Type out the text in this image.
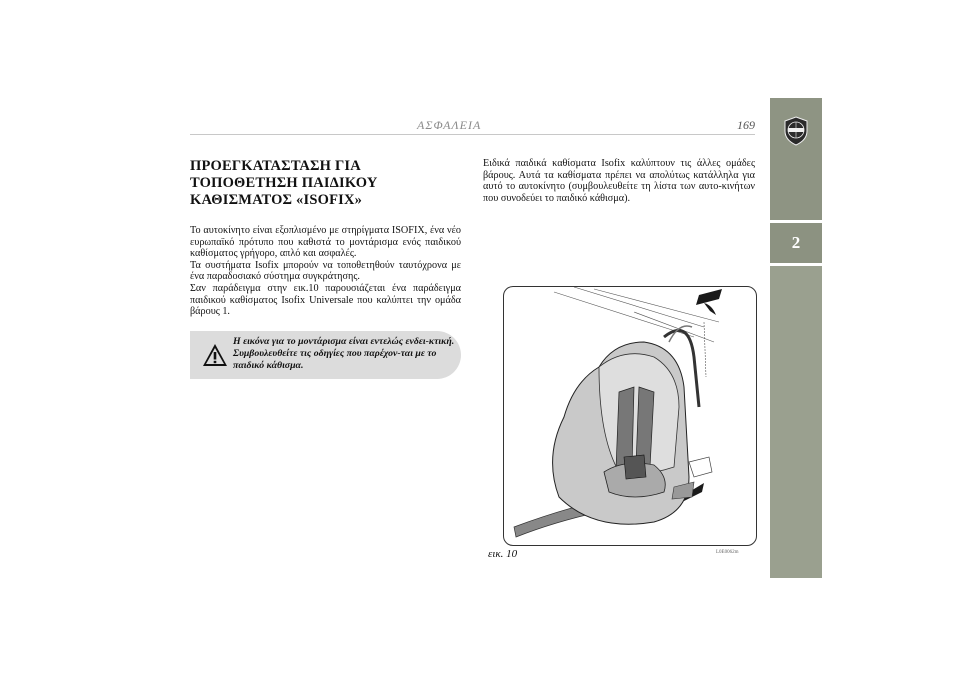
ΑΣΦΑΛΕΙΑ	169
2
ΠΡΟΕΓΚΑΤΑΣΤΑΣΗ ΓΙΑ
ΤΟΠΟΘΕΤΗΣΗ ΠΑΙΔΙΚΟΥ
ΚΑΘΙΣΜΑΤΟΣ «ISOFIX»

Το αυτοκίνητο είναι εξοπλισμένο με στηρίγματα ISOFIX, ένα νέο ευρωπαϊκό πρότυπο που καθιστά το μοντάρισμα ενός παιδικού καθίσματος γρήγορο, απλό και ασφαλές.

Τα συστήματα Isofix μπορούν να τοποθετηθούν ταυτόχρονα με ένα παραδοσιακό σύστημα συγκράτησης.

Σαν παράδειγμα στην εικ.10 παρουσιάζεται ένα παράδειγμα παιδικού καθίσματος Isofix Universale που καλύπτει την ομάδα βάρους 1.

Η εικόνα για το μοντάρισμα είναι εντελώς ενδει-κτική. Συμβουλευθείτε τις οδηγίες που παρέχον-ται με το παιδικό κάθισμα.
Ειδικά παιδικά καθίσματα Isofix καλύπτουν τις άλλες ομάδες βάρους. Αυτά τα καθίσματα πρέπει να απολύτως κατάλληλα για αυτό το αυτοκίνητο (συμβουλευθείτε τη λίστα των αυτο-κινήτων που συνοδεύει το παιδικό κάθισμα).
εικ. 10	L0E0062m
